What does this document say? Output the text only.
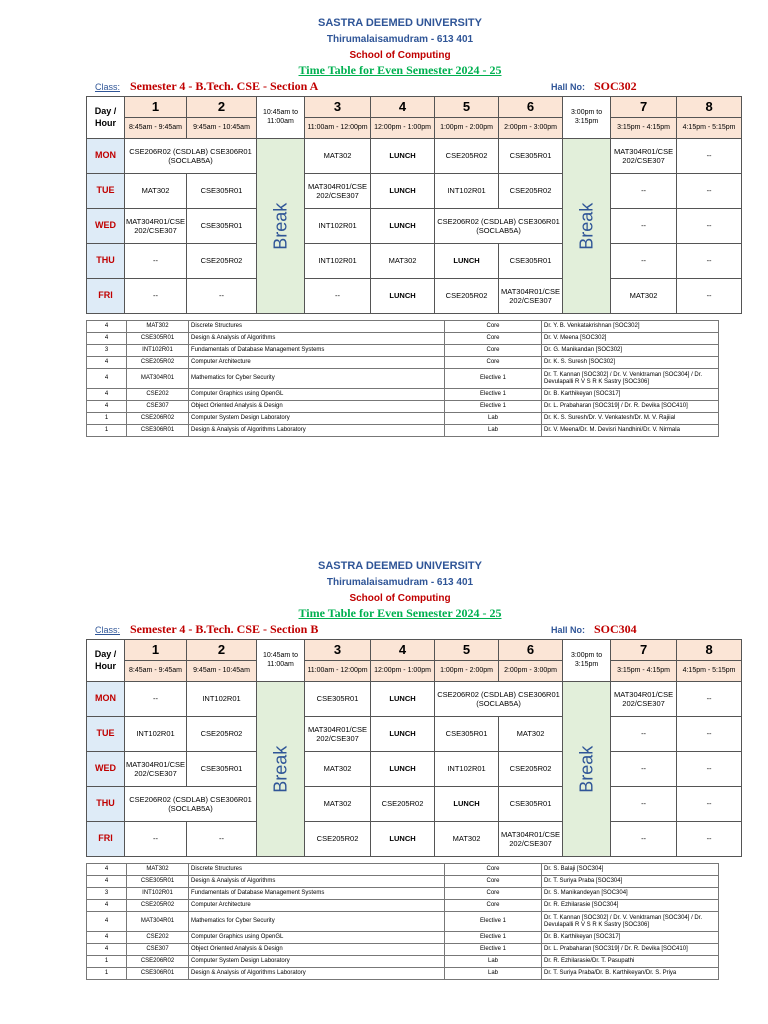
SASTRA DEEMED UNIVERSITY
Thirumalaisamudram - 613 401
School of Computing
Time Table for Even Semester 2024 - 25
Class: Semester 4 - B.Tech. CSE - Section A	Hall No: SOC302
Day / Hour	1	2	10:45am to 11:00am	3	4	5	6	3:00pm to 3:15pm	7	8
	8:45am - 9:45am	9:45am - 10:45am		11:00am - 12:00pm	12:00pm - 1:00pm	1:00pm - 2:00pm	2:00pm - 3:00pm		3:15pm - 4:15pm	4:15pm - 5:15pm
MON	CSE206R02 (CSDLAB) CSE306R01 (SOCLAB5A)		Break	MAT302	LUNCH	CSE205R02	CSE305R01	Break	MAT304R01/CSE 202/CSE307	--
TUE	MAT302	CSE305R01		MAT304R01/CSE 202/CSE307	LUNCH	INT102R01	CSE205R02		--	--
WED	MAT304R01/CSE 202/CSE307	CSE305R01		INT102R01	LUNCH	CSE206R02 (CSDLAB) CSE306R01 (SOCLAB5A)			--	--
THU	--	CSE205R02		INT102R01	MAT302	LUNCH	CSE305R01		--	--
FRI	--	--		--	LUNCH	CSE205R02	MAT304R01/CSE 202/CSE307		MAT302	--
4	MAT302	Discrete Structures	Core	Dr. Y. B. Venkatakrishnan [SOC302]
4	CSE305R01	Design & Analysis of Algorithms	Core	Dr. V. Meena [SOC302]
3	INT102R01	Fundamentals of Database Management Systems	Core	Dr. G. Manikandan [SOC302]
4	CSE205R02	Computer Architecture	Core	Dr. K. S. Suresh [SOC302]
4	MAT304R01	Mathematics for Cyber Security	Elective 1	Dr. T. Kannan [SOC302] / Dr. V. Venktraman [SOC304] / Dr. Devulapalli R V S R K Sastry [SOC306]
4	CSE202	Computer Graphics using OpenGL	Elective 1	Dr. B. Karthikeyan [SOC317]
4	CSE307	Object Oriented Analysis & Design	Elective 1	Dr. L. Prabaharan [SOC319] / Dr. R. Devika [SOC410]
1	CSE206R02	Computer System Design Laboratory	Lab	Dr. K. S. Suresh/Dr. V. Venkatesh/Dr. M. V. Rajiial
1	CSE306R01	Design & Analysis of Algorithms Laboratory	Lab	Dr. V. Meena/Dr. M. Devisri Nandhini/Dr. V. Nirmala
SASTRA DEEMED UNIVERSITY
Thirumalaisamudram - 613 401
School of Computing
Time Table for Even Semester 2024 - 25
Class: Semester 4 - B.Tech. CSE - Section B	Hall No: SOC304
Day / Hour	1	2	10:45am to 11:00am	3	4	5	6	3:00pm to 3:15pm	7	8
	8:45am - 9:45am	9:45am - 10:45am		11:00am - 12:00pm	12:00pm - 1:00pm	1:00pm - 2:00pm	2:00pm - 3:00pm		3:15pm - 4:15pm	4:15pm - 5:15pm
MON	--	INT102R01	Break	CSE305R01	LUNCH	CSE206R02 (CSDLAB) CSE306R01 (SOCLAB5A)		Break	MAT304R01/CSE 202/CSE307	--
TUE	INT102R01	CSE205R02		MAT304R01/CSE 202/CSE307	LUNCH	CSE305R01	MAT302		--	--
WED	MAT304R01/CSE 202/CSE307	CSE305R01		MAT302	LUNCH	INT102R01	CSE205R02		--	--
THU	CSE206R02 (CSDLAB) CSE306R01 (SOCLAB5A)			MAT302	CSE205R02	LUNCH	CSE305R01		--	--
FRI	--	--		CSE205R02	LUNCH	MAT302	MAT304R01/CSE 202/CSE307		--	--
4	MAT302	Discrete Structures	Core	Dr. S. Balaji [SOC304]
4	CSE305R01	Design & Analysis of Algorithms	Core	Dr. T. Suriya Praba [SOC304]
3	INT102R01	Fundamentals of Database Management Systems	Core	Dr. S. Manikandeyan [SOC304]
4	CSE205R02	Computer Architecture	Core	Dr. R. Ezhilarasie [SOC304]
4	MAT304R01	Mathematics for Cyber Security	Elective 1	Dr. T. Kannan [SOC302] / Dr. V. Venktraman [SOC304] / Dr. Devulapalli R V S R K Sastry [SOC306]
4	CSE202	Computer Graphics using OpenGL	Elective 1	Dr. B. Karthikeyan [SOC317]
4	CSE307	Object Oriented Analysis & Design	Elective 1	Dr. L. Prabaharan [SOC319] / Dr. R. Devika [SOC410]
1	CSE206R02	Computer System Design Laboratory	Lab	Dr. R. Ezhilarasie/Dr. T. Pasupathi
1	CSE306R01	Design & Analysis of Algorithms Laboratory	Lab	Dr. T. Suriya Praba/Dr. B. Karthikeyan/Dr. S. Priya
